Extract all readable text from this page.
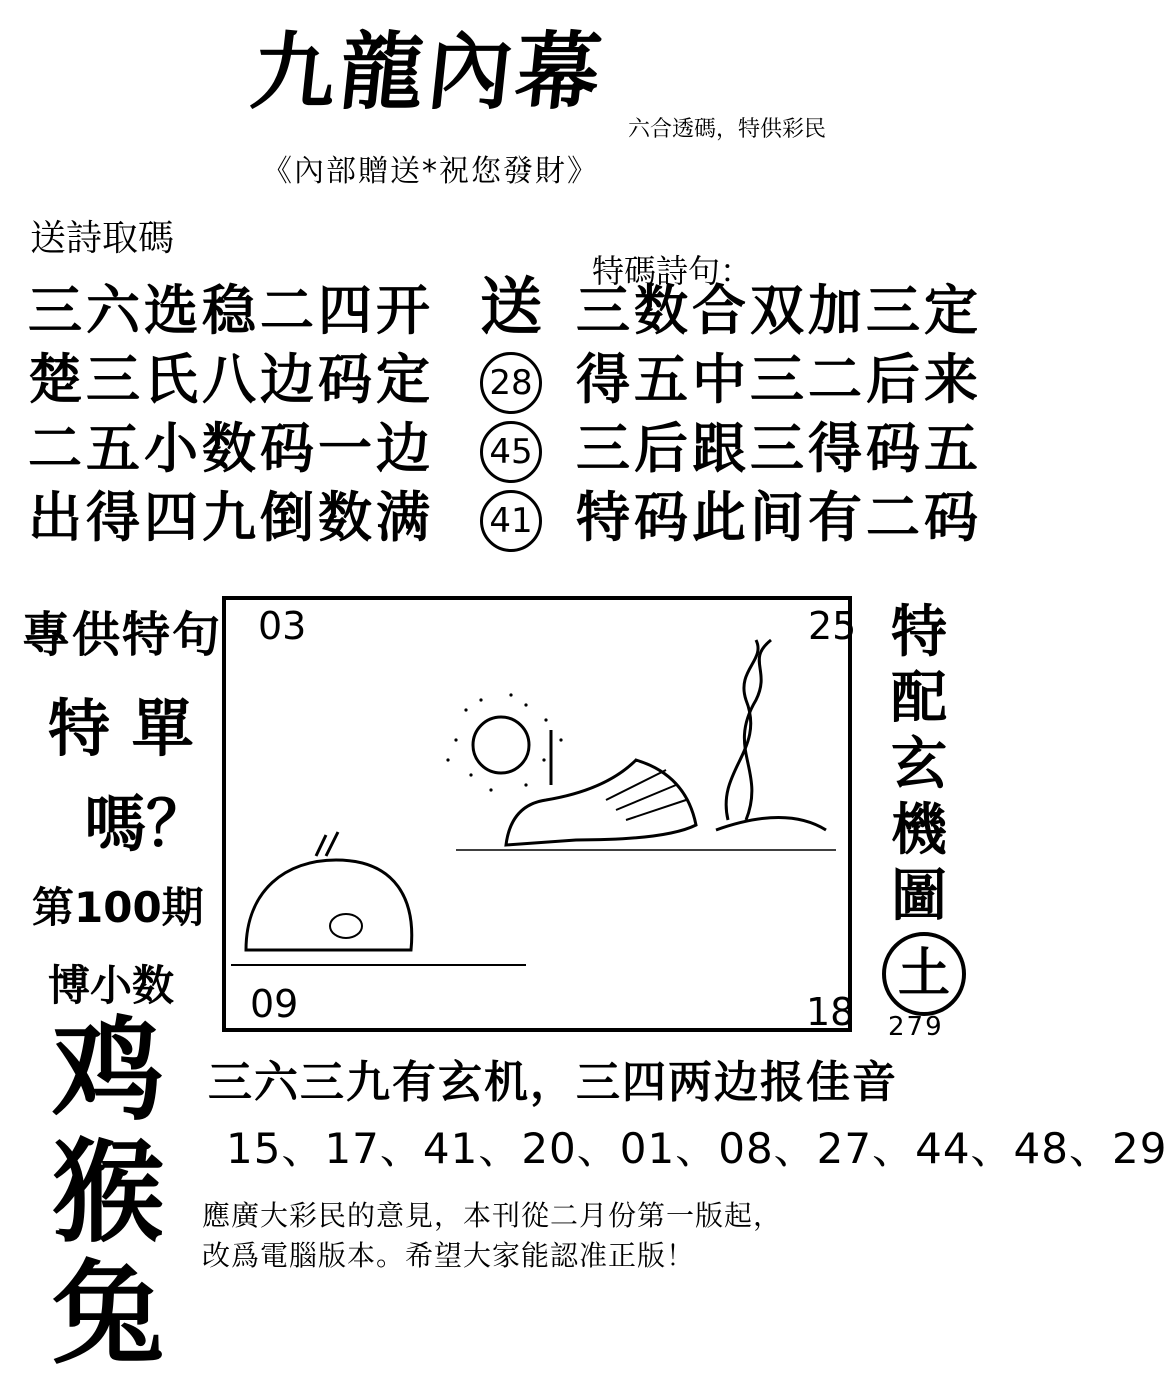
九龍內幕
六合透碼，特供彩民
《內部贈送*祝您發財》
送詩取碼
三六选稳二四开
楚三氏八边码定
二五小数码一边
出得四九倒数满
送
28
45
41
特碼詩句：
三数合双加三定
得五中三二后来
三后跟三得码五
特码此间有二码
專供特句
特 單
嗎？
第100期
博小数
鸡
猴
兔
03	25
09	18
特
配
玄
機
圖
土
279
三六三九有玄机，三四两边报佳音
15、17、41、20、01、08、27、44、48、29
應廣大彩民的意見，本刊從二月份第一版起，
改爲電腦版本。希望大家能認准正版！
